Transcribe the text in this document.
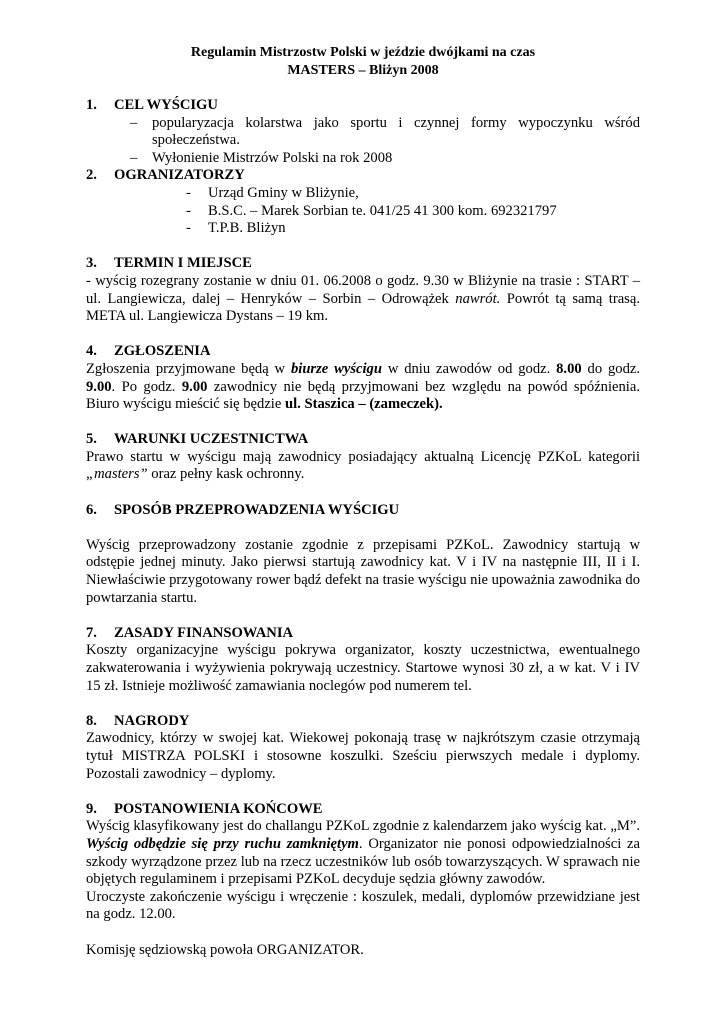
Regulamin Mistrzostw Polski w jeździe dwójkami na czas
MASTERS – Bliżyn 2008
1. CEL WYŚCIGU
– popularyzacja kolarstwa jako sportu i czynnej formy wypoczynku wśród społeczeństwa.
– Wyłonienie Mistrzów Polski na rok 2008
2. OGRANIZATORZY
- Urząd Gminy w Bliżynie,
- B.S.C. – Marek Sorbian te. 041/25 41 300 kom. 692321797
- T.P.B. Bliżyn
3. TERMIN I MIEJSCE

- wyścig rozegrany zostanie w dniu 01. 06.2008 o godz. 9.30 w Bliżynie na trasie : START – ul. Langiewicza, dalej – Henryków – Sorbin – Odrowążek nawrót. Powrót tą samą trasą. META ul. Langiewicza Dystans – 19 km.

4. ZGŁOSZENIA

Zgłoszenia przyjmowane będą w biurze wyścigu w dniu zawodów od godz. 8.00 do godz. 9.00. Po godz. 9.00 zawodnicy nie będą przyjmowani bez względu na powód spóźnienia. Biuro wyścigu mieścić się będzie ul. Staszica – (zameczek).

5. WARUNKI UCZESTNICTWA

Prawo startu w wyścigu mają zawodnicy posiadający aktualną Licencję PZKoL kategorii „masters” oraz pełny kask ochronny.

6. SPOSÓB PRZEPROWADZENIA WYŚCIGU

Wyścig przeprowadzony zostanie zgodnie z przepisami PZKoL. Zawodnicy startują w odstępie jednej minuty. Jako pierwsi startują zawodnicy kat. V i IV na następnie III, II i I. Niewłaściwie przygotowany rower bądź defekt na trasie wyścigu nie upoważnia zawodnika do powtarzania startu.

7. ZASADY FINANSOWANIA

Koszty organizacyjne wyścigu pokrywa organizator, koszty uczestnictwa, ewentualnego zakwaterowania i wyżywienia pokrywają uczestnicy. Startowe wynosi 30 zł, a w kat. V i IV 15 zł. Istnieje możliwość zamawiania noclegów pod numerem tel.

8. NAGRODY

Zawodnicy, którzy w swojej kat. Wiekowej pokonają trasę w najkrótszym czasie otrzymają tytuł MISTRZA POLSKI i stosowne koszulki. Sześciu pierwszych medale i dyplomy. Pozostali zawodnicy – dyplomy.

9. POSTANOWIENIA KOŃCOWE

Wyścig klasyfikowany jest do challangu PZKoL zgodnie z kalendarzem jako wyścig kat. „M”. Wyścig odbędzie się przy ruchu zamkniętym. Organizator nie ponosi odpowiedzialności za szkody wyrządzone przez lub na rzecz uczestników lub osób towarzyszących. W sprawach nie objętych regulaminem i przepisami PZKoL decyduje sędzia główny zawodów.

Uroczyste zakończenie wyścigu i wręczenie : koszulek, medali, dyplomów przewidziane jest na godz. 12.00.

Komisję sędziowską powoła ORGANIZATOR.
